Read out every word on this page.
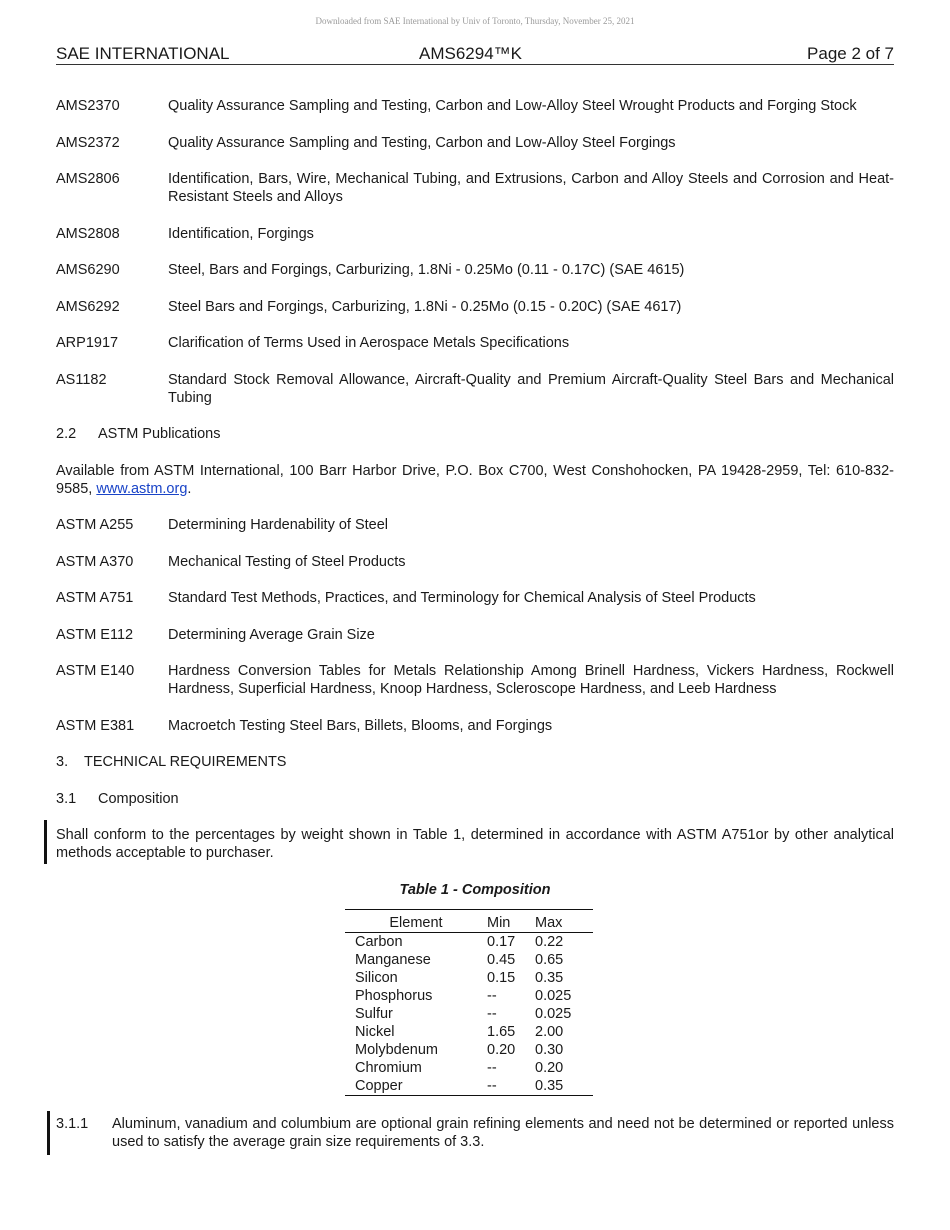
Downloaded from SAE International by Univ of Toronto, Thursday, November 25, 2021
SAE INTERNATIONAL	AMS6294™K	Page 2 of 7
AMS2370	Quality Assurance Sampling and Testing, Carbon and Low-Alloy Steel Wrought Products and Forging Stock
AMS2372	Quality Assurance Sampling and Testing, Carbon and Low-Alloy Steel Forgings
AMS2806	Identification, Bars, Wire, Mechanical Tubing, and Extrusions, Carbon and Alloy Steels and Corrosion and Heat-Resistant Steels and Alloys
AMS2808	Identification, Forgings
AMS6290	Steel, Bars and Forgings, Carburizing, 1.8Ni - 0.25Mo (0.11 - 0.17C) (SAE 4615)
AMS6292	Steel Bars and Forgings, Carburizing, 1.8Ni - 0.25Mo (0.15 - 0.20C) (SAE 4617)
ARP1917	Clarification of Terms Used in Aerospace Metals Specifications
AS1182	Standard Stock Removal Allowance, Aircraft-Quality and Premium Aircraft-Quality Steel Bars and Mechanical Tubing
2.2 ASTM Publications
Available from ASTM International, 100 Barr Harbor Drive, P.O. Box C700, West Conshohocken, PA 19428-2959, Tel: 610-832-9585, www.astm.org.
ASTM A255	Determining Hardenability of Steel
ASTM A370	Mechanical Testing of Steel Products
ASTM A751	Standard Test Methods, Practices, and Terminology for Chemical Analysis of Steel Products
ASTM E112	Determining Average Grain Size
ASTM E140	Hardness Conversion Tables for Metals Relationship Among Brinell Hardness, Vickers Hardness, Rockwell Hardness, Superficial Hardness, Knoop Hardness, Scleroscope Hardness, and Leeb Hardness
ASTM E381	Macroetch Testing Steel Bars, Billets, Blooms, and Forgings
3. TECHNICAL REQUIREMENTS
3.1 Composition
Shall conform to the percentages by weight shown in Table 1, determined in accordance with ASTM A751or by other analytical methods acceptable to purchaser.
Table 1 - Composition
Element	Min	Max
Carbon	0.17	0.22
Manganese	0.45	0.65
Silicon	0.15	0.35
Phosphorus	--	0.025
Sulfur	--	0.025
Nickel	1.65	2.00
Molybdenum	0.20	0.30
Chromium	--	0.20
Copper	--	0.35
3.1.1	Aluminum, vanadium and columbium are optional grain refining elements and need not be determined or reported unless used to satisfy the average grain size requirements of 3.3.
